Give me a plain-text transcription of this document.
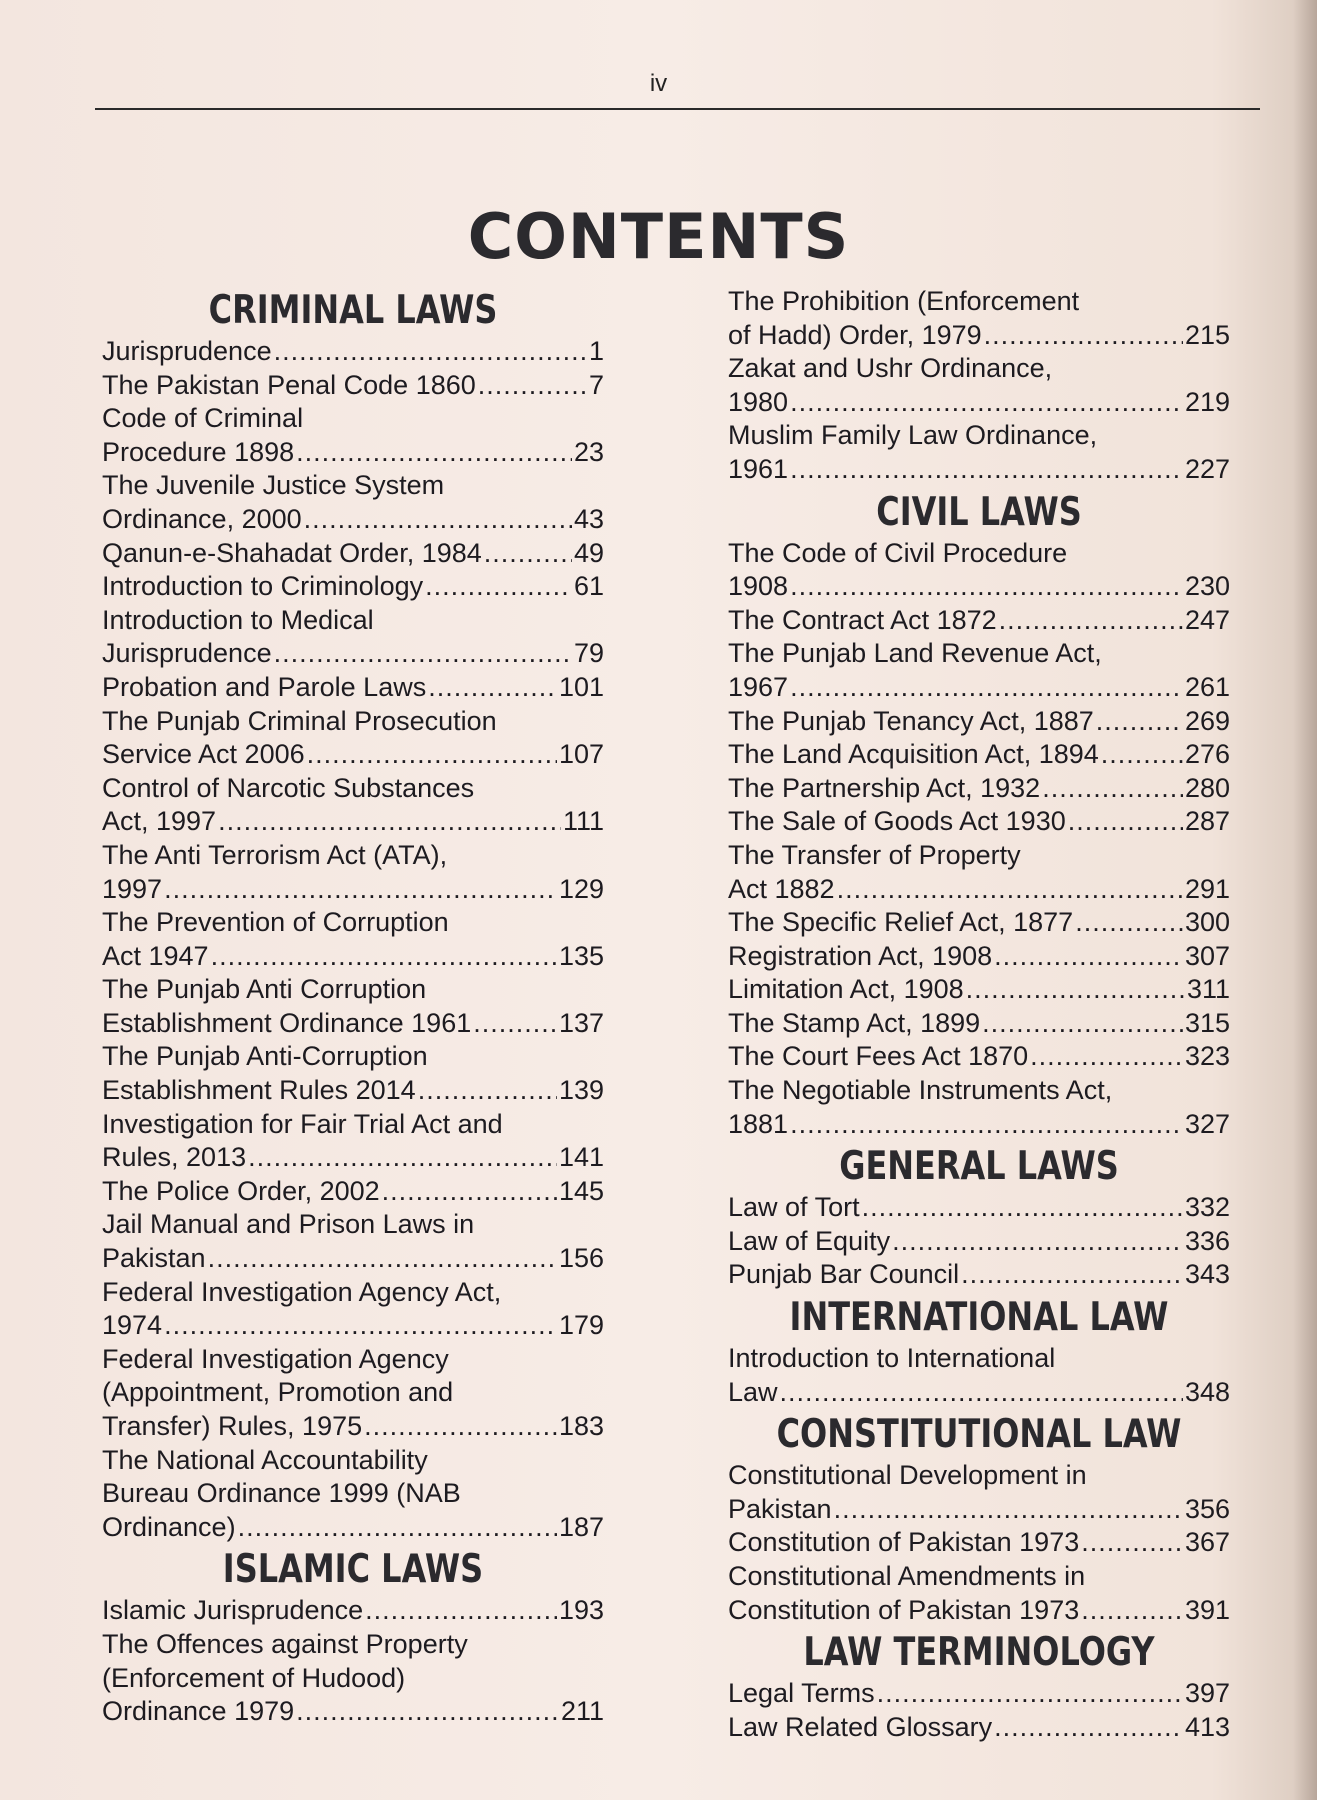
iv
CONTENTS
CRIMINAL LAWS
Jurisprudence .....	1
The Pakistan Penal Code 1860 .....	7
Code of Criminal
Procedure 1898 .....	23
The Juvenile Justice System
Ordinance, 2000 .....	43
Qanun-e-Shahadat Order, 1984 .....	49
Introduction to Criminology .....	61
Introduction to Medical
Jurisprudence .....	79
Probation and Parole Laws .....	101
The Punjab Criminal Prosecution
Service Act 2006 .....	107
Control of Narcotic Substances
Act, 1997 .....	111
The Anti Terrorism Act (ATA),
1997 .....	129
The Prevention of Corruption
Act 1947 .....	135
The Punjab Anti Corruption
Establishment Ordinance 1961 .....	137
The Punjab Anti-Corruption
Establishment Rules 2014 .....	139
Investigation for Fair Trial Act and
Rules, 2013 .....	141
The Police Order, 2002 .....	145
Jail Manual and Prison Laws in
Pakistan .....	156
Federal Investigation Agency Act,
1974 .....	179
Federal Investigation Agency
(Appointment, Promotion and
Transfer) Rules, 1975 .....	183
The National Accountability
Bureau Ordinance 1999 (NAB
Ordinance) .....	187
ISLAMIC LAWS
Islamic Jurisprudence .....	193
The Offences against Property
(Enforcement of Hudood)
Ordinance 1979 .....	211
The Prohibition (Enforcement
of Hadd) Order, 1979 .....	215
Zakat and Ushr Ordinance,
1980 .....	219
Muslim Family Law Ordinance,
1961 .....	227
CIVIL LAWS
The Code of Civil Procedure
1908 .....	230
The Contract Act 1872 .....	247
The Punjab Land Revenue Act,
1967 .....	261
The Punjab Tenancy Act, 1887 .....	269
The Land Acquisition Act, 1894 .....	276
The Partnership Act, 1932 .....	280
The Sale of Goods Act 1930 .....	287
The Transfer of Property
Act 1882 .....	291
The Specific Relief Act, 1877 .....	300
Registration Act, 1908 .....	307
Limitation Act, 1908 .....	311
The Stamp Act, 1899 .....	315
The Court Fees Act 1870 .....	323
The Negotiable Instruments Act,
1881 .....	327
GENERAL LAWS
Law of Tort .....	332
Law of Equity .....	336
Punjab Bar Council .....	343
INTERNATIONAL LAW
Introduction to International
Law .....	348
CONSTITUTIONAL LAW
Constitutional Development in
Pakistan .....	356
Constitution of Pakistan 1973 .....	367
Constitutional Amendments in
Constitution of Pakistan 1973 .....	391
LAW TERMINOLOGY
Legal Terms .....	397
Law Related Glossary .....	413
